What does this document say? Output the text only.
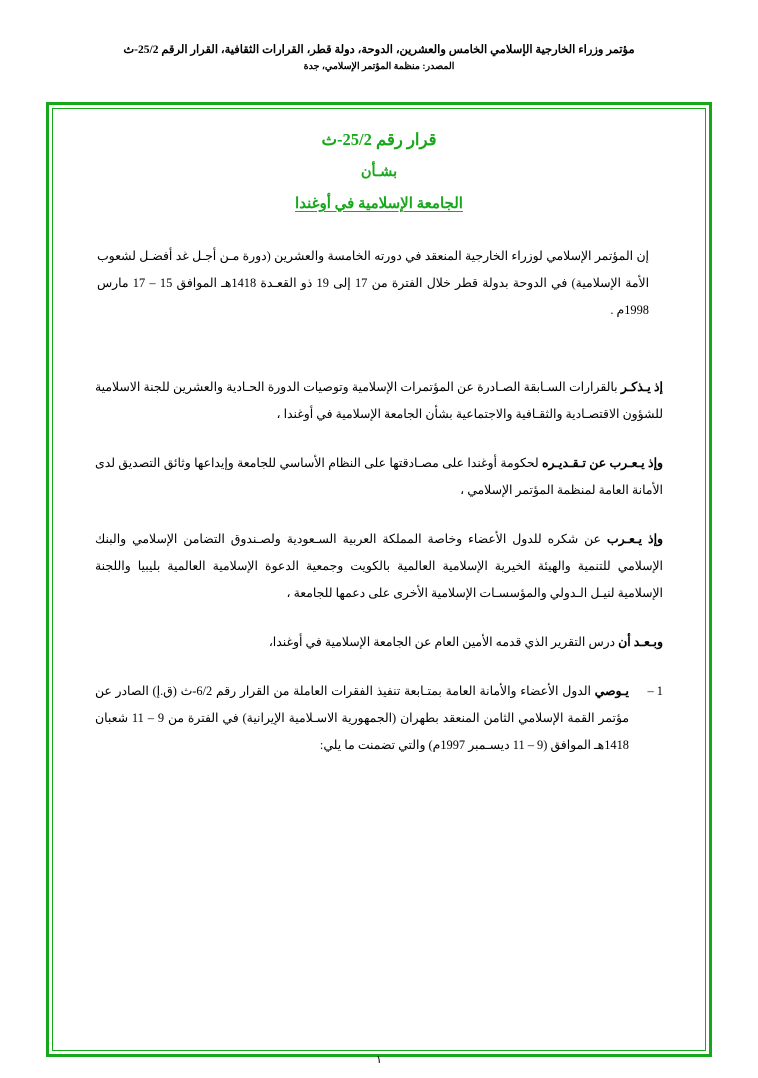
مؤتمر وزراء الخارجية الإسلامي الخامس والعشرين، الدوحة، دولة قطر، القرارات الثقافية، القرار الرقم 25/2-ث
المصدر: منظمة المؤتمر الإسلامي، جدة
قرار رقم 25/2-ث
بشـأن
الجامعة الإسلامية في أوغندا

إن المؤتمر الإسلامي لوزراء الخارجية المنعقد في دورته الخامسة والعشرين (دورة مـن أجـل غد أفضـل لشعوب الأمة الإسلامية) في الدوحة بدولة قطر خلال الفترة من 17 إلى 19 ذو القعـدة 1418هـ الموافق 15 – 17 مارس 1998م .

إذ يـذكـر بالقرارات السـابقة الصـادرة عن المؤتمرات الإسلامية وتوصيات الدورة الحـادية والعشرين للجنة الاسلامية للشؤون الاقتصـادية والثقـافية والاجتماعية بشأن الجامعة الإسلامية في أوغندا ،

وإذ يـعـرب عن تـقـديـره لحكومة أوغندا على مصـادقتها على النظام الأساسي للجامعة وإيداعها وثائق التصديق لدى الأمانة العامة لمنظمة المؤتمر الإسلامي ،

وإذ يـعـرب عن شكره للدول الأعضاء وخاصة المملكة العربية السـعودية ولصـندوق التضامن الإسلامي والبنك الإسلامي للتنمية والهيئة الخيرية الإسلامية العالمية بالكويت وجمعية الدعوة الإسلامية العالمية بليبيا واللجنة الإسلامية لنيـل الـدولي والمؤسسـات الإسلامية الأخرى على دعمها للجامعة ،

وبـعـد أن درس التقرير الذي قدمه الأمين العام عن الجامعة الإسلامية في أوغندا،

1 –
يـوصي الدول الأعضاء والأمانة العامة بمتـابعة تنفيذ الفقرات العاملة من القرار رقم 6/2-ث (ق.إ) الصادر عن مؤتمر القمة الإسلامي الثامن المنعقد بطهران (الجمهورية الاسـلامية الإيرانية) في الفترة من 9 – 11 شعبان 1418هـ الموافق (9 – 11 ديسـمبر 1997م) والتي تضمنت ما يلي:
١
